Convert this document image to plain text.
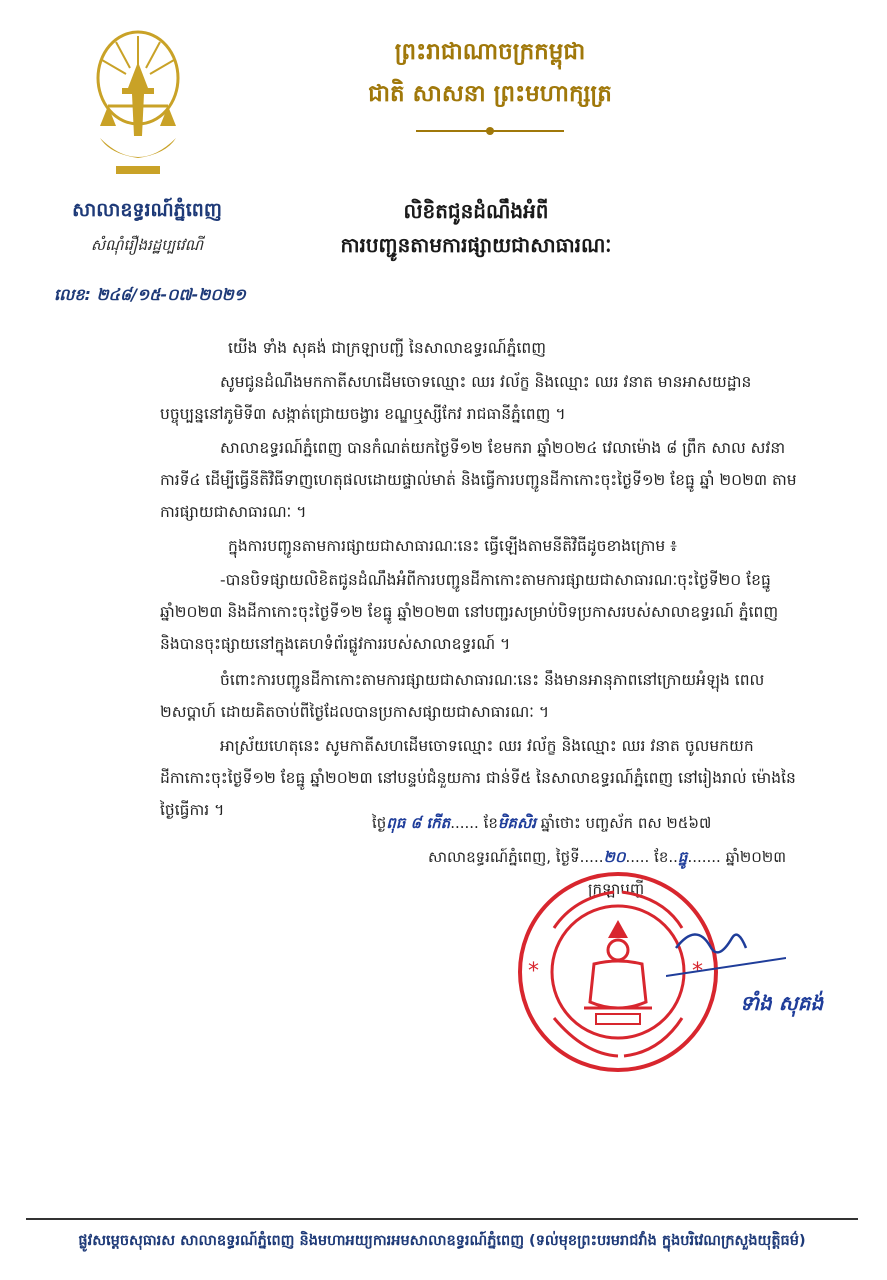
ព្រះរាជាណាចក្រកម្ពុជា
ជាតិ សាសនា ព្រះមហាក្សត្រ
សាលាឧទ្ធរណ៍ភ្នំពេញ
សំណុំរឿងរដ្ឋប្បវេណី
លេខ: ២៤៨/១៥-០៧-២០២១
លិខិតជូនដំណឹងអំពី
ការបញ្ជូនតាមការផ្សាយជាសាធារណៈ
យើង ទាំង សុគង់ ជាក្រឡាបញ្ជី នៃសាលាឧទ្ធរណ៍ភ្នំពេញ
សូមជូនដំណឹងមកកាតីសហដើមចោទឈ្មោះ ឈរ វល័ក្ខ និងឈ្មោះ ឈរ វនាត មានអាសយដ្ឋាន បច្ចុប្បន្ននៅភូមិទី៣ សង្កាត់ជ្រោយចង្វារ ខណ្ឌឬស្សីកែវ រាជធានីភ្នំពេញ ។
សាលាឧទ្ធរណ៍ភ្នំពេញ បានកំណត់យកថ្ងៃទី១២ ខែមករា ឆ្នាំ២០២៤ វេលាម៉ោង ៨ ព្រឹក សាល សវនាការទី៤ ដើម្បីធ្វើនីតិវិធីទាញហេតុផលដោយផ្ទាល់មាត់ និងធ្វើការបញ្ជូនដីកាកោះចុះថ្ងៃទី១២ ខែធ្នូ ឆ្នាំ ២០២៣ តាមការផ្សាយជាសាធារណៈ ។
ក្នុងការបញ្ជូនតាមការផ្សាយជាសាធារណៈនេះ ធ្វើឡើងតាមនីតិវិធីដូចខាងក្រោម ៖
-បានបិទផ្សាយលិខិតជូនដំណឹងអំពីការបញ្ជូនដីកាកោះតាមការផ្សាយជាសាធារណៈចុះថ្ងៃទី២០ ខែធ្នូ ឆ្នាំ២០២៣ និងដីកាកោះចុះថ្ងៃទី១២ ខែធ្នូ ឆ្នាំ២០២៣ នៅបញ្ជរសម្រាប់បិទប្រកាសរបស់សាលាឧទ្ធរណ៍ ភ្នំពេញ និងបានចុះផ្សាយនៅក្នុងគេហទំព័រផ្លូវការរបស់សាលាឧទ្ធរណ៍ ។
ចំពោះការបញ្ជូនដីកាកោះតាមការផ្សាយជាសាធារណៈនេះ នឹងមានអានុភាពនៅក្រោយអំឡុង ពេល ២សប្តាហ៍ ដោយគិតចាប់ពីថ្ងៃដែលបានប្រកាសផ្សាយជាសាធារណៈ ។
អាស្រ័យហេតុនេះ សូមកាតីសហដើមចោទឈ្មោះ ឈរ វល័ក្ខ និងឈ្មោះ ឈរ វនាត ចូលមកយក ដីកាកោះចុះថ្ងៃទី១២ ខែធ្នូ ឆ្នាំ២០២៣ នៅបន្ទប់ជំនួយការ ជាន់ទី៥ នៃសាលាឧទ្ធរណ៍ភ្នំពេញ នៅរៀងរាល់ ម៉ោងនៃថ្ងៃធ្វើការ ។
ថ្ងៃពុធ ៨ កើត...... ខែមិគសិរ ឆ្នាំថោះ បញ្ចស័ក ពស ២៥៦៧
សាលាឧទ្ធរណ៍ភ្នំពេញ, ថ្ងៃទី.....២០..... ខែ..ធ្នូ....... ឆ្នាំ២០២៣
ក្រឡាបញ្ជី
*	*
ទាំង សុគង់
ផ្លូវសម្តេចសុធារស សាលាឧទ្ធរណ៍ភ្នំពេញ និងមហាអយ្យការអមសាលាឧទ្ធរណ៍ភ្នំពេញ (ទល់មុខព្រះបរមរាជវាំង ក្នុងបរិវេណក្រសួងយុត្តិធម៌)
